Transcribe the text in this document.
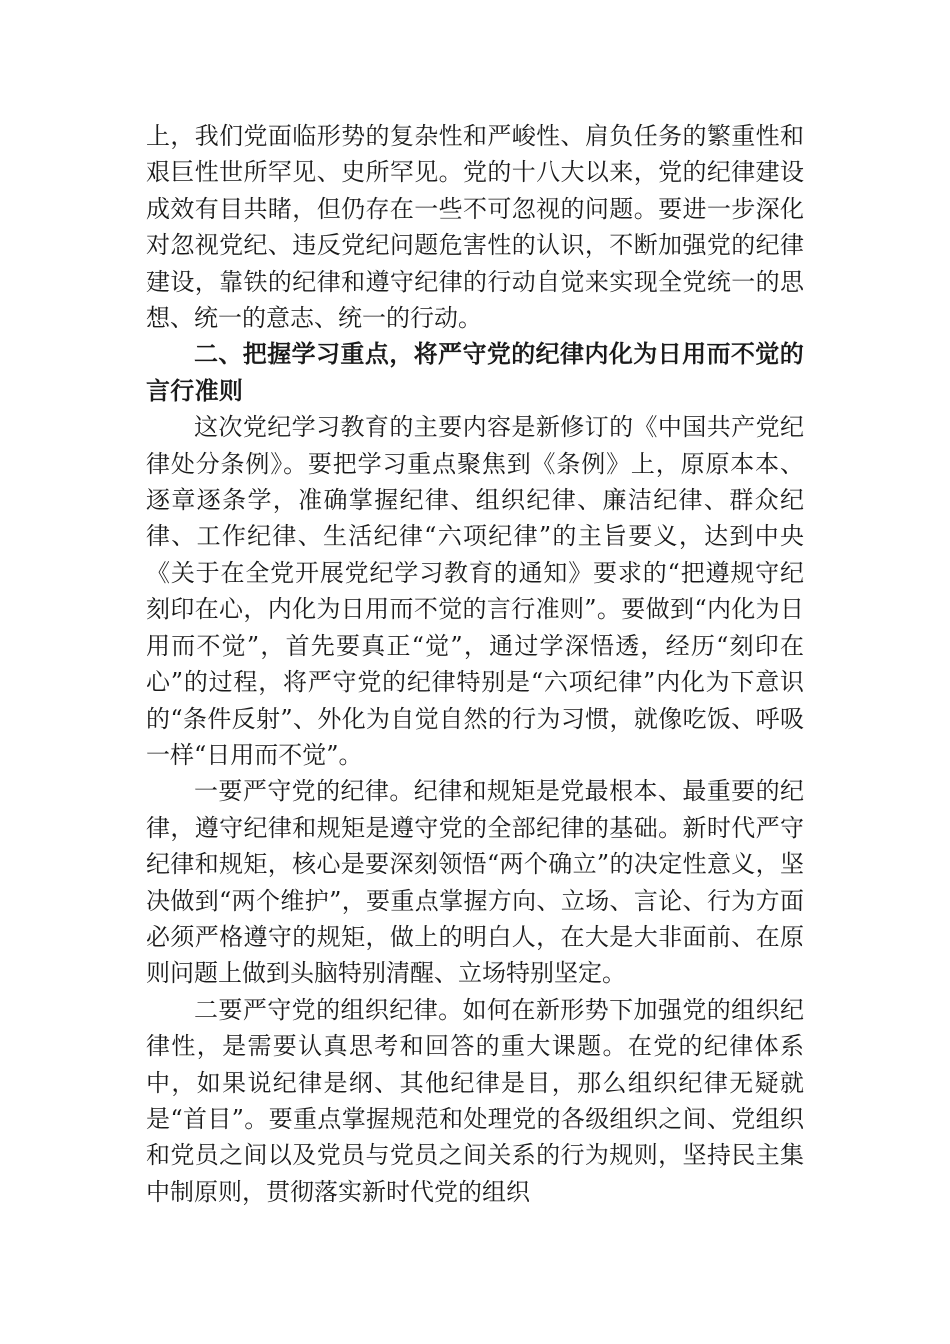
上，我们党面临形势的复杂性和严峻性、肩负任务的繁重性和艰巨性世所罕见、史所罕见。党的十八大以来，党的纪律建设成效有目共睹，但仍存在一些不可忽视的问题。要进一步深化对忽视党纪、违反党纪问题危害性的认识，不断加强党的纪律建设，靠铁的纪律和遵守纪律的行动自觉来实现全党统一的思想、统一的意志、统一的行动。

二、把握学习重点，将严守党的纪律内化为日用而不觉的言行准则

这次党纪学习教育的主要内容是新修订的《中国共产党纪律处分条例》。要把学习重点聚焦到《条例》上，原原本本、逐章逐条学，准确掌握纪律、组织纪律、廉洁纪律、群众纪律、工作纪律、生活纪律“六项纪律”的主旨要义，达到中央《关于在全党开展党纪学习教育的通知》要求的“把遵规守纪刻印在心，内化为日用而不觉的言行准则”。要做到“内化为日用而不觉”，首先要真正“觉”，通过学深悟透，经历“刻印在心”的过程，将严守党的纪律特别是“六项纪律”内化为下意识的“条件反射”、外化为自觉自然的行为习惯，就像吃饭、呼吸一样“日用而不觉”。

一要严守党的纪律。纪律和规矩是党最根本、最重要的纪律，遵守纪律和规矩是遵守党的全部纪律的基础。新时代严守纪律和规矩，核心是要深刻领悟“两个确立”的决定性意义，坚决做到“两个维护”，要重点掌握方向、立场、言论、行为方面必须严格遵守的规矩，做上的明白人，在大是大非面前、在原则问题上做到头脑特别清醒、立场特别坚定。

二要严守党的组织纪律。如何在新形势下加强党的组织纪律性，是需要认真思考和回答的重大课题。在党的纪律体系中，如果说纪律是纲、其他纪律是目，那么组织纪律无疑就是“首目”。要重点掌握规范和处理党的各级组织之间、党组织和党员之间以及党员与党员之间关系的行为规则，坚持民主集中制原则，贯彻落实新时代党的组织
